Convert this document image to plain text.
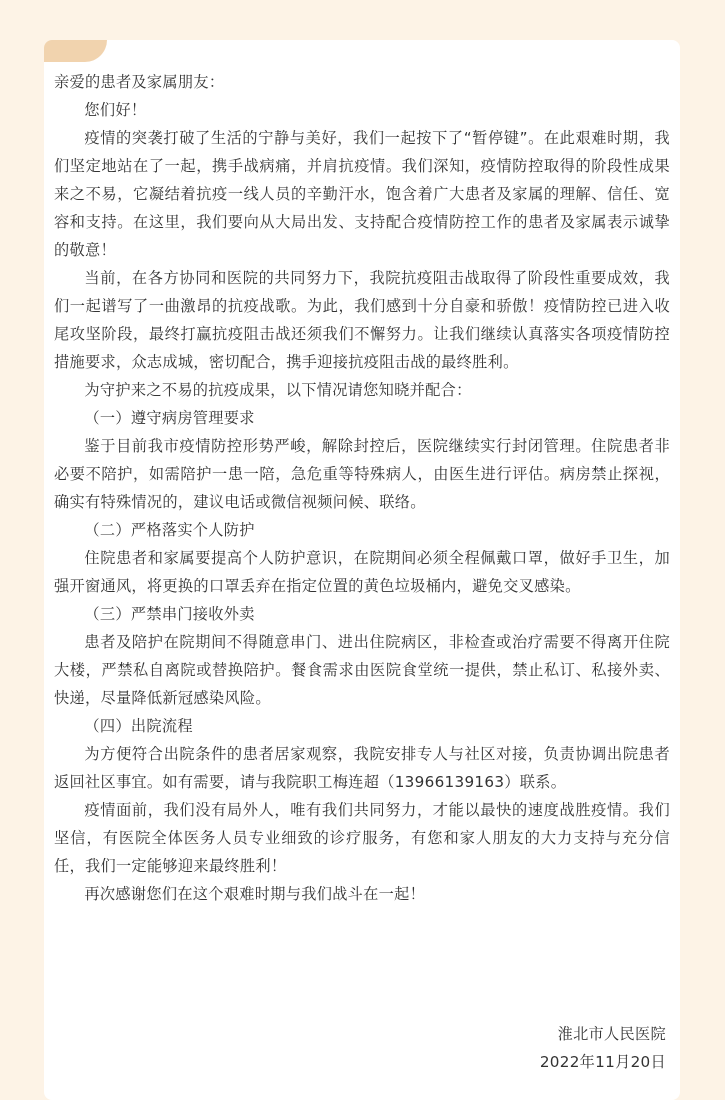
亲爱的患者及家属朋友：

您们好！

疫情的突袭打破了生活的宁静与美好，我们一起按下了“暂停键”。在此艰难时期，我们坚定地站在了一起，携手战病痛，并肩抗疫情。我们深知，疫情防控取得的阶段性成果来之不易，它凝结着抗疫一线人员的辛勤汗水，饱含着广大患者及家属的理解、信任、宽容和支持。在这里，我们要向从大局出发、支持配合疫情防控工作的患者及家属表示诚挚的敬意！

当前，在各方协同和医院的共同努力下，我院抗疫阻击战取得了阶段性重要成效，我们一起谱写了一曲激昂的抗疫战歌。为此，我们感到十分自豪和骄傲！疫情防控已进入收尾攻坚阶段，最终打赢抗疫阻击战还须我们不懈努力。让我们继续认真落实各项疫情防控措施要求，众志成城，密切配合，携手迎接抗疫阻击战的最终胜利。

为守护来之不易的抗疫成果，以下情况请您知晓并配合：

（一）遵守病房管理要求

鉴于目前我市疫情防控形势严峻，解除封控后，医院继续实行封闭管理。住院患者非必要不陪护，如需陪护一患一陪，急危重等特殊病人，由医生进行评估。病房禁止探视，确实有特殊情况的，建议电话或微信视频问候、联络。

（二）严格落实个人防护

住院患者和家属要提高个人防护意识，在院期间必须全程佩戴口罩，做好手卫生，加强开窗通风，将更换的口罩丢弃在指定位置的黄色垃圾桶内，避免交叉感染。

（三）严禁串门接收外卖

患者及陪护在院期间不得随意串门、进出住院病区，非检查或治疗需要不得离开住院大楼，严禁私自离院或替换陪护。餐食需求由医院食堂统一提供，禁止私订、私接外卖、快递，尽量降低新冠感染风险。

（四）出院流程

为方便符合出院条件的患者居家观察，我院安排专人与社区对接，负责协调出院患者返回社区事宜。如有需要，请与我院职工梅连超（13966139163）联系。

疫情面前，我们没有局外人，唯有我们共同努力，才能以最快的速度战胜疫情。我们坚信，有医院全体医务人员专业细致的诊疗服务，有您和家人朋友的大力支持与充分信任，我们一定能够迎来最终胜利！

再次感谢您们在这个艰难时期与我们战斗在一起！

淮北市人民医院

2022年11月20日
